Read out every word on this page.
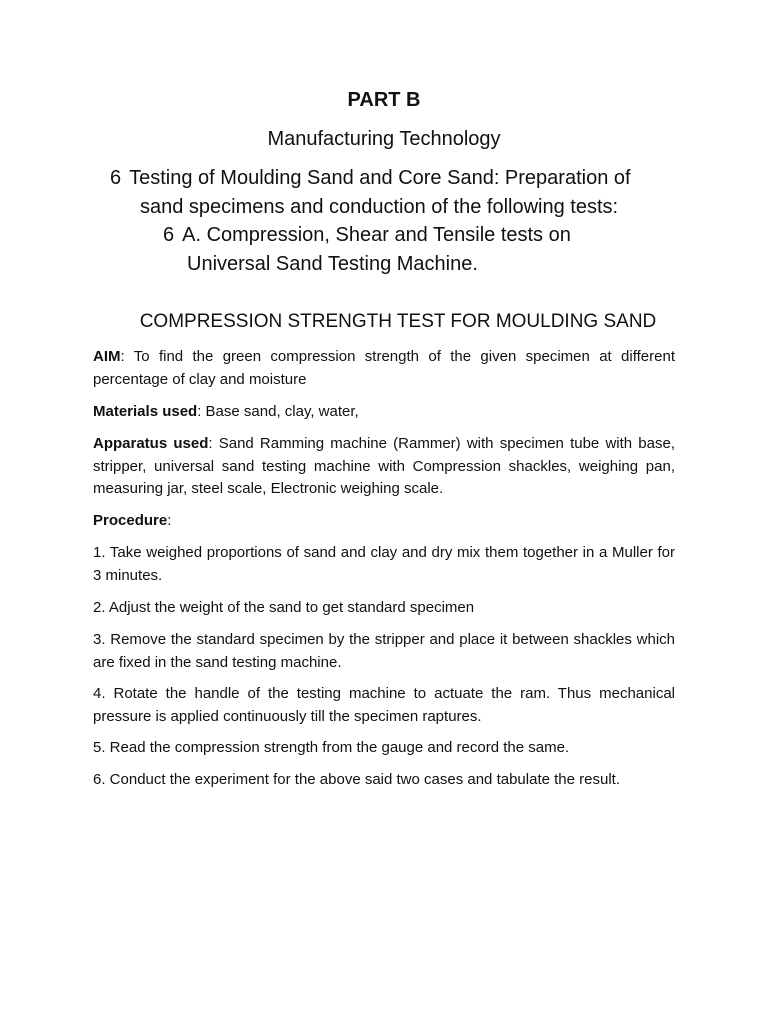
PART B
Manufacturing Technology
6 Testing of Moulding Sand and Core Sand: Preparation of
sand specimens and conduction of the following tests:
6 A. Compression, Shear and Tensile tests on
Universal Sand Testing Machine.
COMPRESSION STRENGTH TEST FOR MOULDING SAND
AIM: To find the green compression strength of the given specimen at different percentage of clay and moisture
Materials used: Base sand, clay, water,
Apparatus used: Sand Ramming machine (Rammer) with specimen tube with base, stripper, universal sand testing machine with Compression shackles, weighing pan, measuring jar, steel scale, Electronic weighing scale.
Procedure:
1. Take weighed proportions of sand and clay and dry mix them together in a Muller for 3 minutes.
2. Adjust the weight of the sand to get standard specimen
3. Remove the standard specimen by the stripper and place it between shackles which are fixed in the sand testing machine.
4. Rotate the handle of the testing machine to actuate the ram. Thus mechanical pressure is applied continuously till the specimen raptures.
5. Read the compression strength from the gauge and record the same.
6. Conduct the experiment for the above said two cases and tabulate the result.
